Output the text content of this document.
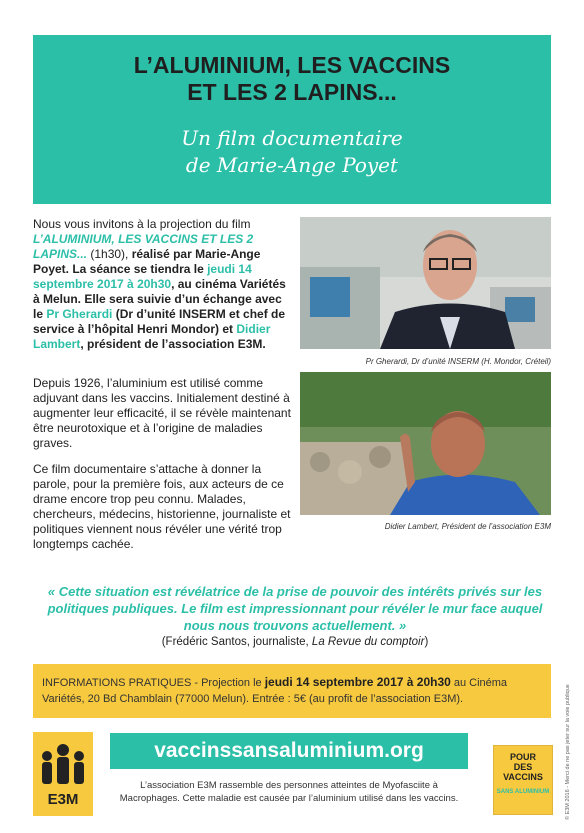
L’ALUMINIUM, LES VACCINS
ET LES 2 LAPINS...
Un film documentaire
de Marie-Ange Poyet
Nous vous invitons à la projection du film L’ALUMINIUM, LES VACCINS ET LES 2 LAPINS... (1h30), réalisé par Marie-Ange Poyet. La séance se tiendra le jeudi 14 septembre 2017 à 20h30, au cinéma Variétés à Melun. Elle sera suivie d’un échange avec le Pr Gherardi (Dr d’unité INSERM et chef de service à l’hôpital Henri Mondor) et Didier Lambert, président de l’association E3M.
Depuis 1926, l’aluminium est utilisé comme adjuvant dans les vaccins. Initialement destiné à augmenter leur efficacité, il se révèle maintenant être neurotoxique et à l’origine de maladies graves.
Ce film documentaire s’attache à donner la parole, pour la première fois, aux acteurs de ce drame encore trop peu connu. Malades, chercheurs, médecins, historienne, journaliste et politiques viennent nous révéler une vérité trop longtemps cachée.
Pr Gherardi, Dr d’unité INSERM (H. Mondor, Créteil)
Didier Lambert, Président de l’association E3M
« Cette situation est révélatrice de la prise de pouvoir des intérêts privés sur les politiques publiques. Le film est impressionnant pour révéler le mur face auquel nous nous trouvons actuellement. »
(Frédéric Santos, journaliste, La Revue du comptoir)
INFORMATIONS PRATIQUES - Projection le jeudi 14 septembre 2017 à 20h30 au Cinéma Variétés, 20 Bd Chamblain (77000 Melun). Entrée : 5€ (au profit de l’association E3M).
E3M
vaccinssansaluminium.org
L’association E3M rassemble des personnes atteintes de Myofasciite à Macrophages. Cette maladie est causée par l’aluminium utilisé dans les vaccins.
POUR
DES
VACCINS
SANS ALUMINIUM	© E3M 2016 - Merci de ne pas jeter sur la voie publique
